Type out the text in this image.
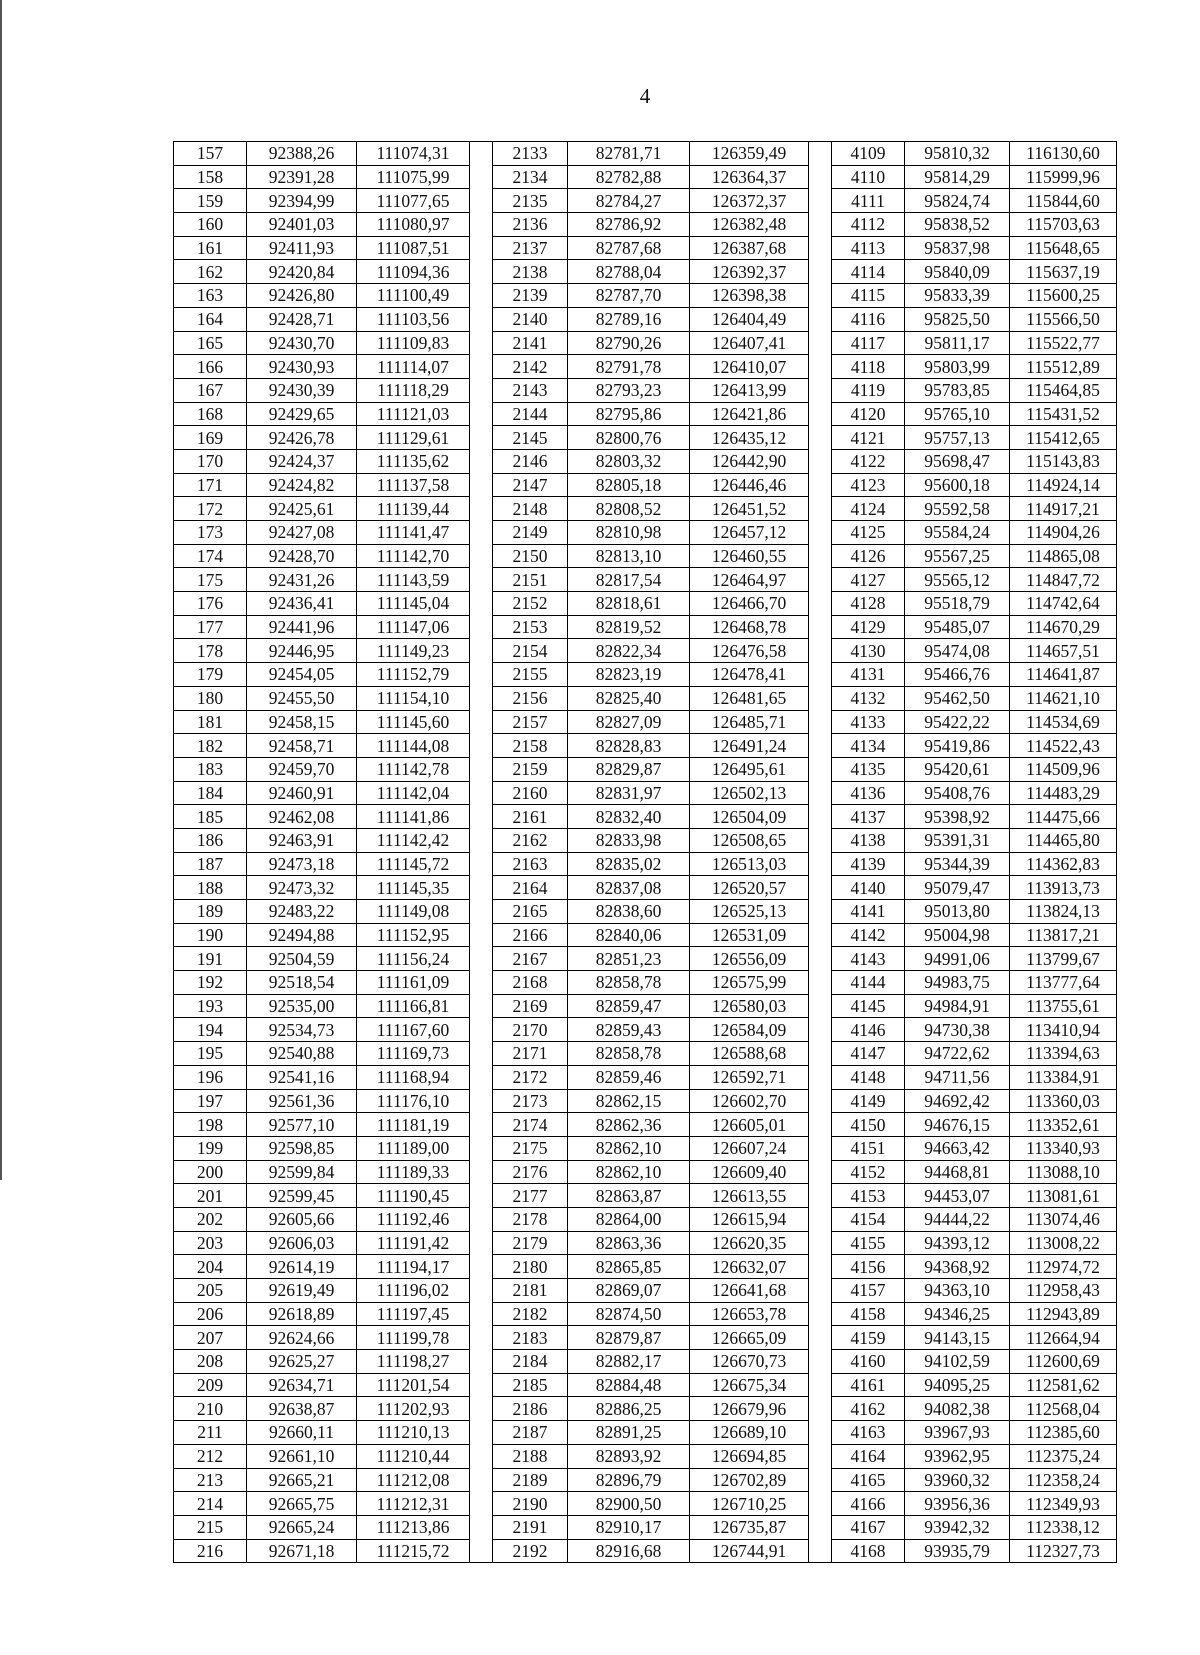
4
157	92388,26	111074,31		2133	82781,71	126359,49		4109	95810,32	116130,60
158	92391,28	111075,99		2134	82782,88	126364,37		4110	95814,29	115999,96
159	92394,99	111077,65		2135	82784,27	126372,37		4111	95824,74	115844,60
160	92401,03	111080,97		2136	82786,92	126382,48		4112	95838,52	115703,63
161	92411,93	111087,51		2137	82787,68	126387,68		4113	95837,98	115648,65
162	92420,84	111094,36		2138	82788,04	126392,37		4114	95840,09	115637,19
163	92426,80	111100,49		2139	82787,70	126398,38		4115	95833,39	115600,25
164	92428,71	111103,56		2140	82789,16	126404,49		4116	95825,50	115566,50
165	92430,70	111109,83		2141	82790,26	126407,41		4117	95811,17	115522,77
166	92430,93	111114,07		2142	82791,78	126410,07		4118	95803,99	115512,89
167	92430,39	111118,29		2143	82793,23	126413,99		4119	95783,85	115464,85
168	92429,65	111121,03		2144	82795,86	126421,86		4120	95765,10	115431,52
169	92426,78	111129,61		2145	82800,76	126435,12		4121	95757,13	115412,65
170	92424,37	111135,62		2146	82803,32	126442,90		4122	95698,47	115143,83
171	92424,82	111137,58		2147	82805,18	126446,46		4123	95600,18	114924,14
172	92425,61	111139,44		2148	82808,52	126451,52		4124	95592,58	114917,21
173	92427,08	111141,47		2149	82810,98	126457,12		4125	95584,24	114904,26
174	92428,70	111142,70		2150	82813,10	126460,55		4126	95567,25	114865,08
175	92431,26	111143,59		2151	82817,54	126464,97		4127	95565,12	114847,72
176	92436,41	111145,04		2152	82818,61	126466,70		4128	95518,79	114742,64
177	92441,96	111147,06		2153	82819,52	126468,78		4129	95485,07	114670,29
178	92446,95	111149,23		2154	82822,34	126476,58		4130	95474,08	114657,51
179	92454,05	111152,79		2155	82823,19	126478,41		4131	95466,76	114641,87
180	92455,50	111154,10		2156	82825,40	126481,65		4132	95462,50	114621,10
181	92458,15	111145,60		2157	82827,09	126485,71		4133	95422,22	114534,69
182	92458,71	111144,08		2158	82828,83	126491,24		4134	95419,86	114522,43
183	92459,70	111142,78		2159	82829,87	126495,61		4135	95420,61	114509,96
184	92460,91	111142,04		2160	82831,97	126502,13		4136	95408,76	114483,29
185	92462,08	111141,86		2161	82832,40	126504,09		4137	95398,92	114475,66
186	92463,91	111142,42		2162	82833,98	126508,65		4138	95391,31	114465,80
187	92473,18	111145,72		2163	82835,02	126513,03		4139	95344,39	114362,83
188	92473,32	111145,35		2164	82837,08	126520,57		4140	95079,47	113913,73
189	92483,22	111149,08		2165	82838,60	126525,13		4141	95013,80	113824,13
190	92494,88	111152,95		2166	82840,06	126531,09		4142	95004,98	113817,21
191	92504,59	111156,24		2167	82851,23	126556,09		4143	94991,06	113799,67
192	92518,54	111161,09		2168	82858,78	126575,99		4144	94983,75	113777,64
193	92535,00	111166,81		2169	82859,47	126580,03		4145	94984,91	113755,61
194	92534,73	111167,60		2170	82859,43	126584,09		4146	94730,38	113410,94
195	92540,88	111169,73		2171	82858,78	126588,68		4147	94722,62	113394,63
196	92541,16	111168,94		2172	82859,46	126592,71		4148	94711,56	113384,91
197	92561,36	111176,10		2173	82862,15	126602,70		4149	94692,42	113360,03
198	92577,10	111181,19		2174	82862,36	126605,01		4150	94676,15	113352,61
199	92598,85	111189,00		2175	82862,10	126607,24		4151	94663,42	113340,93
200	92599,84	111189,33		2176	82862,10	126609,40		4152	94468,81	113088,10
201	92599,45	111190,45		2177	82863,87	126613,55		4153	94453,07	113081,61
202	92605,66	111192,46		2178	82864,00	126615,94		4154	94444,22	113074,46
203	92606,03	111191,42		2179	82863,36	126620,35		4155	94393,12	113008,22
204	92614,19	111194,17		2180	82865,85	126632,07		4156	94368,92	112974,72
205	92619,49	111196,02		2181	82869,07	126641,68		4157	94363,10	112958,43
206	92618,89	111197,45		2182	82874,50	126653,78		4158	94346,25	112943,89
207	92624,66	111199,78		2183	82879,87	126665,09		4159	94143,15	112664,94
208	92625,27	111198,27		2184	82882,17	126670,73		4160	94102,59	112600,69
209	92634,71	111201,54		2185	82884,48	126675,34		4161	94095,25	112581,62
210	92638,87	111202,93		2186	82886,25	126679,96		4162	94082,38	112568,04
211	92660,11	111210,13		2187	82891,25	126689,10		4163	93967,93	112385,60
212	92661,10	111210,44		2188	82893,92	126694,85		4164	93962,95	112375,24
213	92665,21	111212,08		2189	82896,79	126702,89		4165	93960,32	112358,24
214	92665,75	111212,31		2190	82900,50	126710,25		4166	93956,36	112349,93
215	92665,24	111213,86		2191	82910,17	126735,87		4167	93942,32	112338,12
216	92671,18	111215,72		2192	82916,68	126744,91		4168	93935,79	112327,73
